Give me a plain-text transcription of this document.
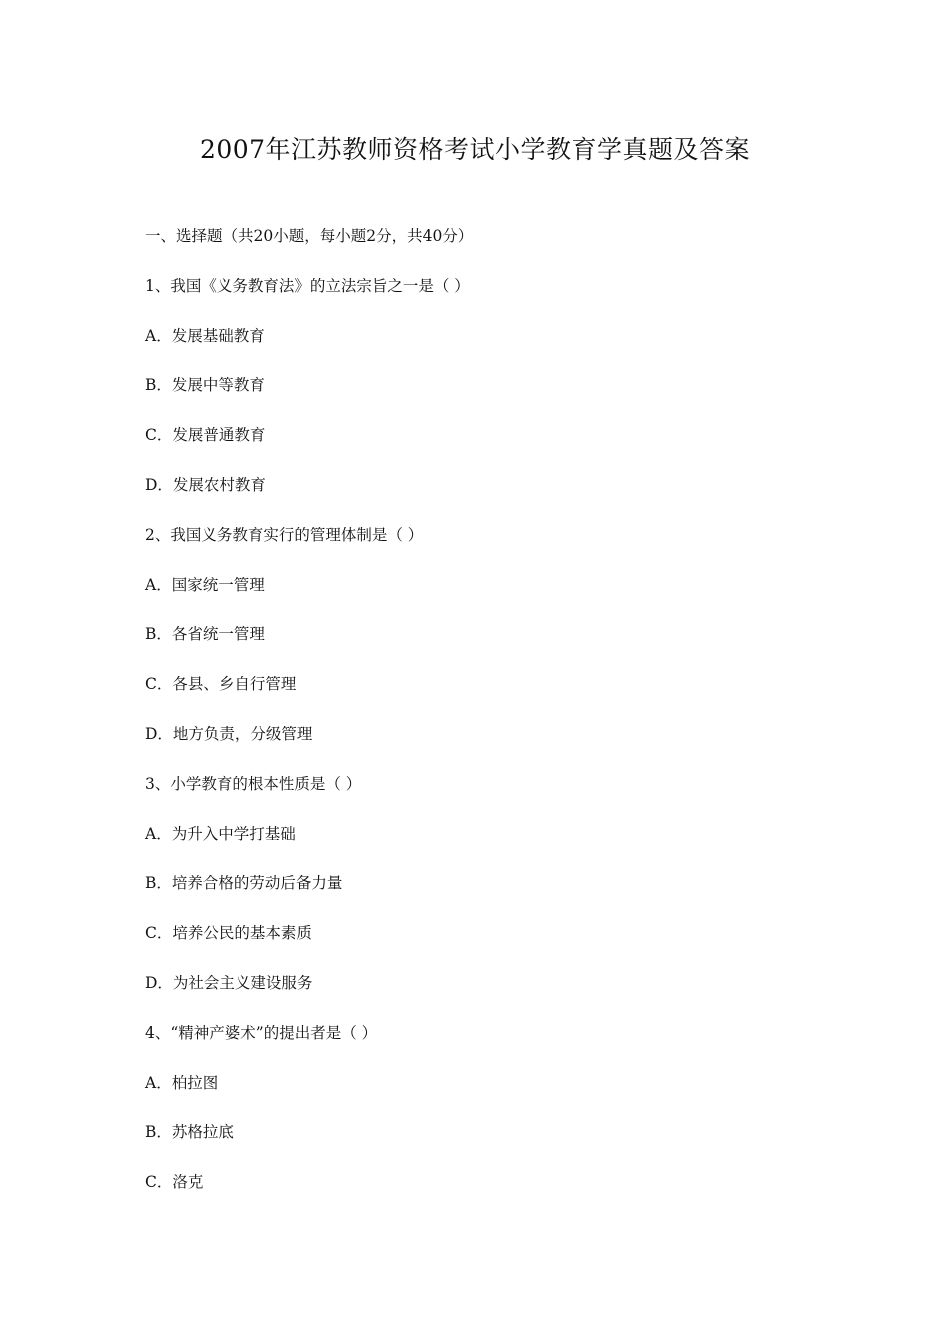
2007年江苏教师资格考试小学教育学真题及答案
一、选择题（共20小题，每小题2分，共40分）
1、我国《义务教育法》的立法宗旨之一是（ ）
A．发展基础教育
B．发展中等教育
C．发展普通教育
D．发展农村教育
2、我国义务教育实行的管理体制是（ ）
A．国家统一管理
B．各省统一管理
C．各县、乡自行管理
D．地方负责，分级管理
3、小学教育的根本性质是（ ）
A．为升入中学打基础
B．培养合格的劳动后备力量
C．培养公民的基本素质
D．为社会主义建设服务
4、“精神产婆术”的提出者是（ ）
A．柏拉图
B．苏格拉底
C．洛克
